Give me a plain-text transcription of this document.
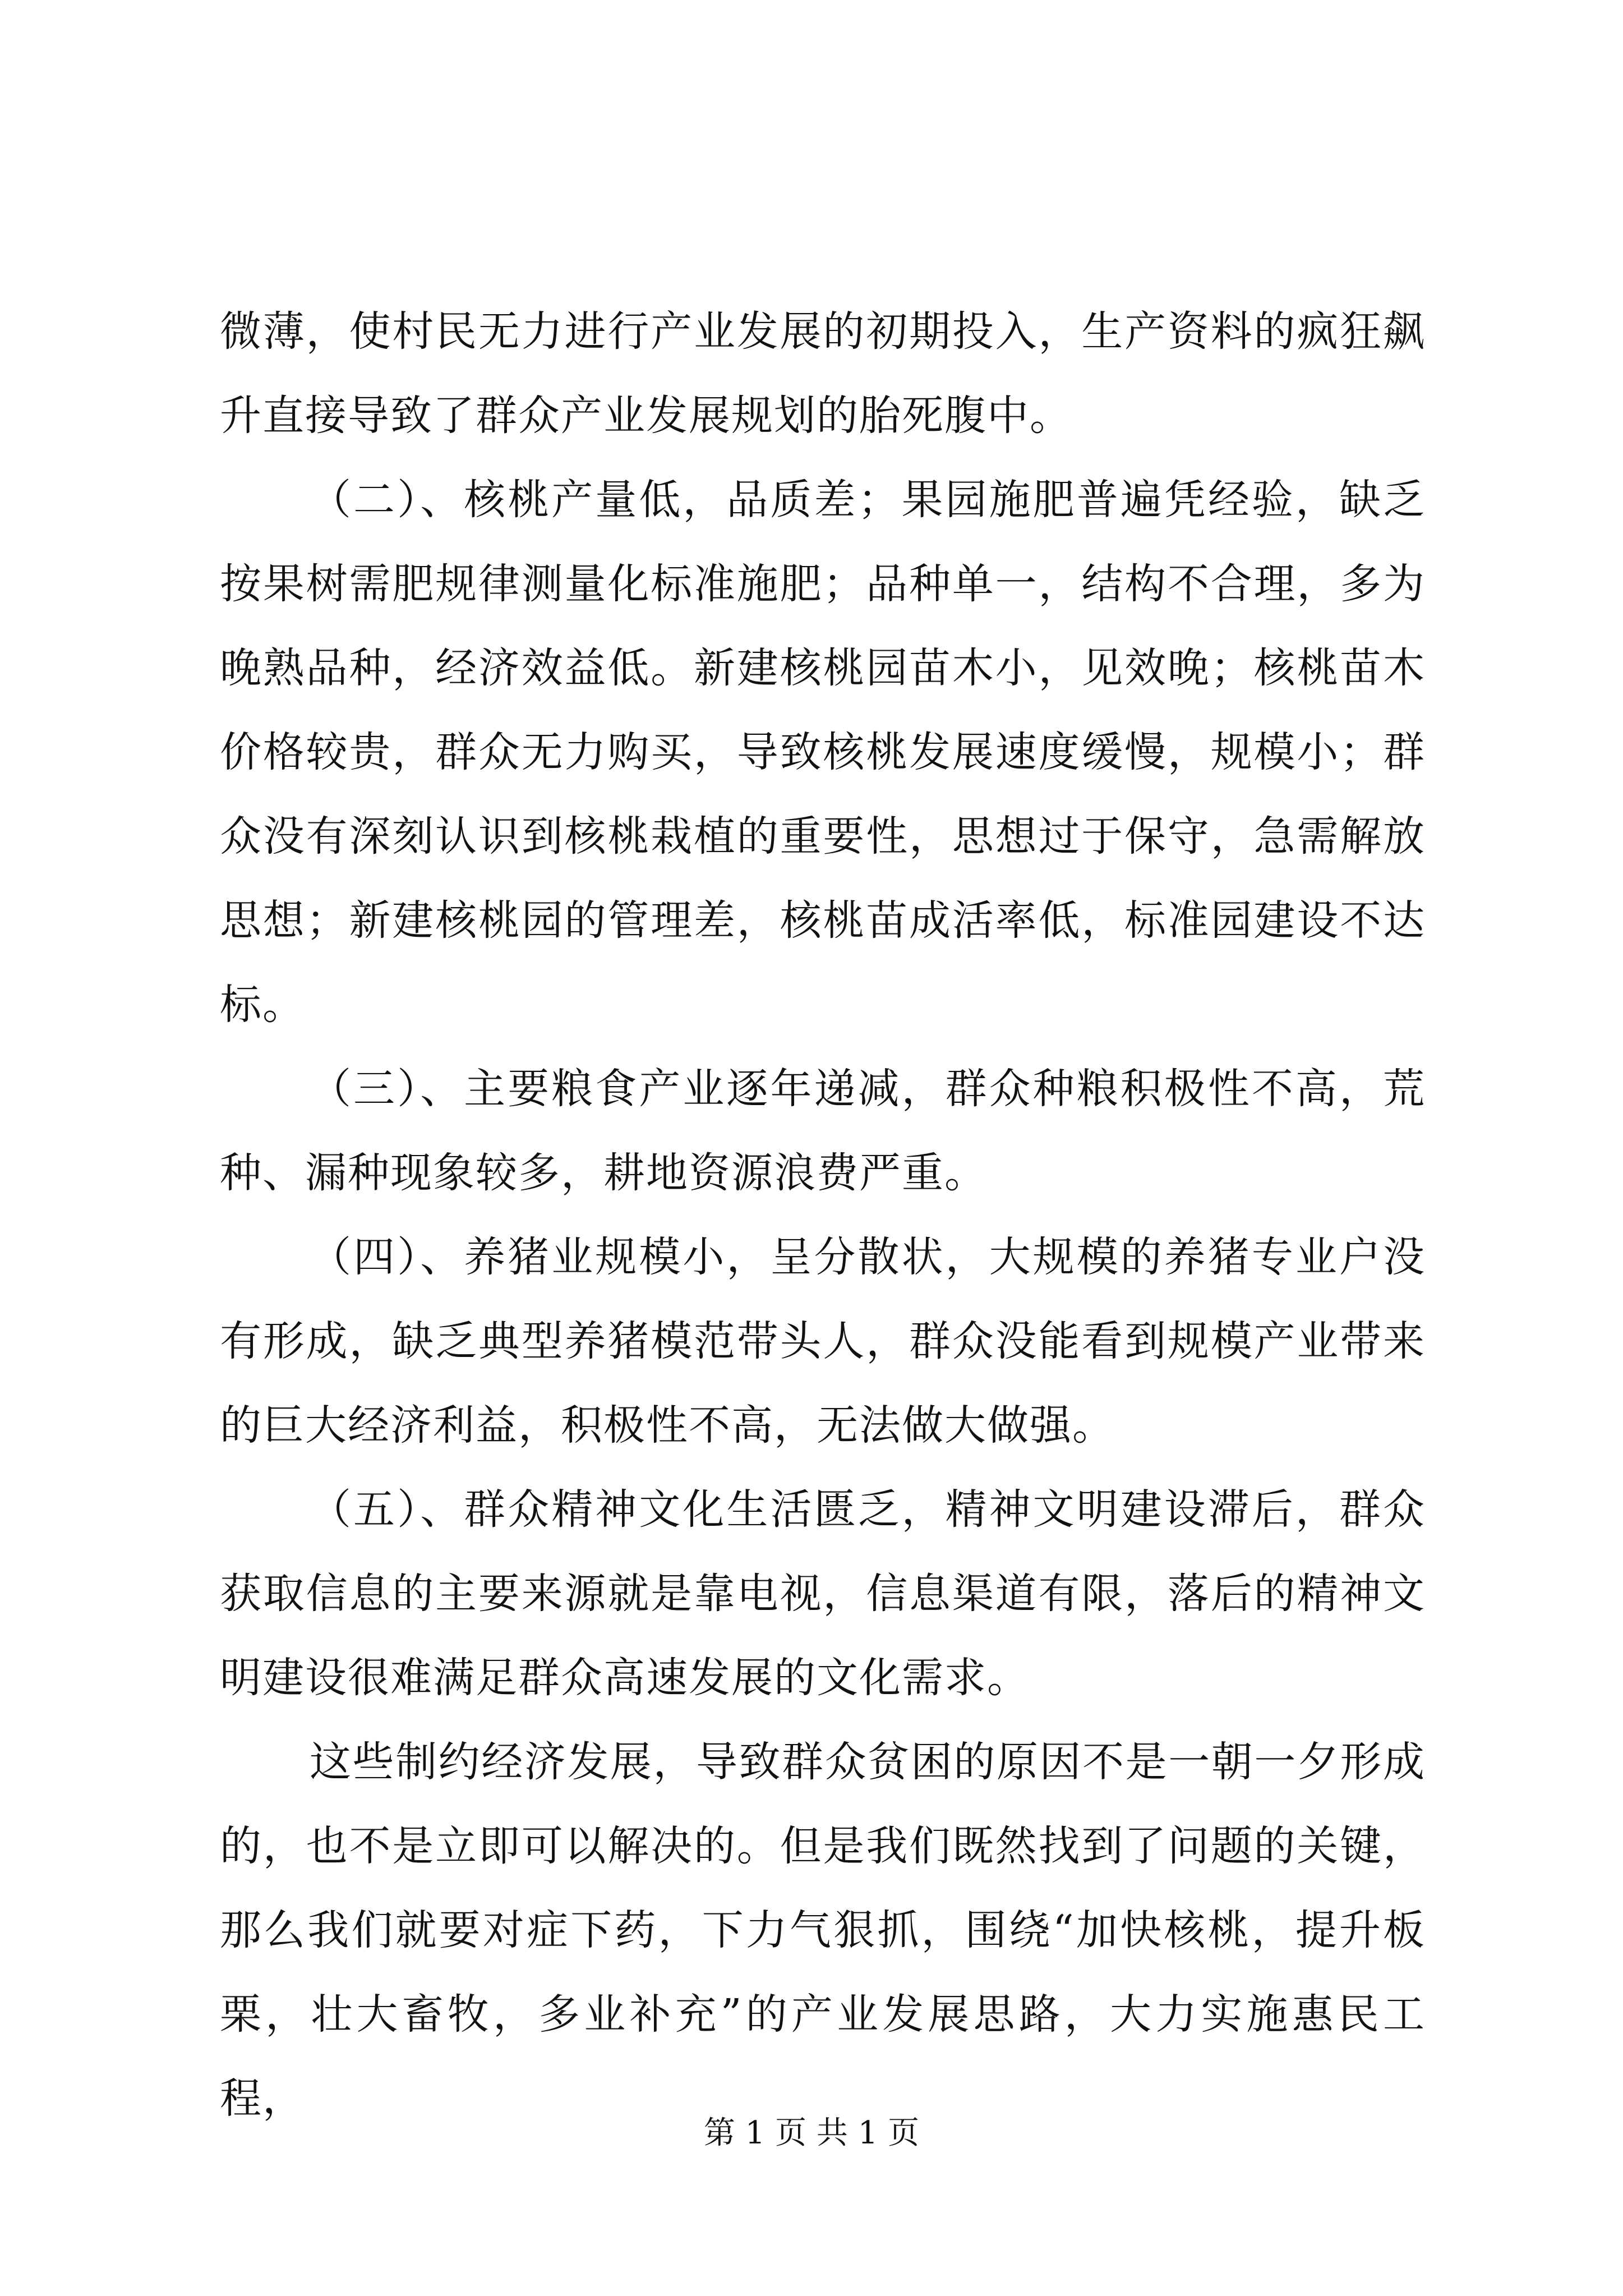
微薄，使村民无力进行产业发展的初期投入，生产资料的疯狂飙升直接导致了群众产业发展规划的胎死腹中。

（二）、核桃产量低，品质差；果园施肥普遍凭经验，缺乏按果树需肥规律测量化标准施肥；品种单一，结构不合理，多为晚熟品种，经济效益低。新建核桃园苗木小，见效晚；核桃苗木价格较贵，群众无力购买，导致核桃发展速度缓慢，规模小；群众没有深刻认识到核桃栽植的重要性，思想过于保守，急需解放思想；新建核桃园的管理差，核桃苗成活率低，标准园建设不达标。

（三）、主要粮食产业逐年递减，群众种粮积极性不高，荒种、漏种现象较多，耕地资源浪费严重。

（四）、养猪业规模小，呈分散状，大规模的养猪专业户没有形成，缺乏典型养猪模范带头人，群众没能看到规模产业带来的巨大经济利益，积极性不高，无法做大做强。

（五）、群众精神文化生活匮乏，精神文明建设滞后，群众获取信息的主要来源就是靠电视，信息渠道有限，落后的精神文明建设很难满足群众高速发展的文化需求。

这些制约经济发展，导致群众贫困的原因不是一朝一夕形成的，也不是立即可以解决的。但是我们既然找到了问题的关键，那么我们就要对症下药，下力气狠抓，围绕“加快核桃，提升板栗，壮大畜牧，多业补充”的产业发展思路，大力实施惠民工程，

第 1 页 共 1 页
